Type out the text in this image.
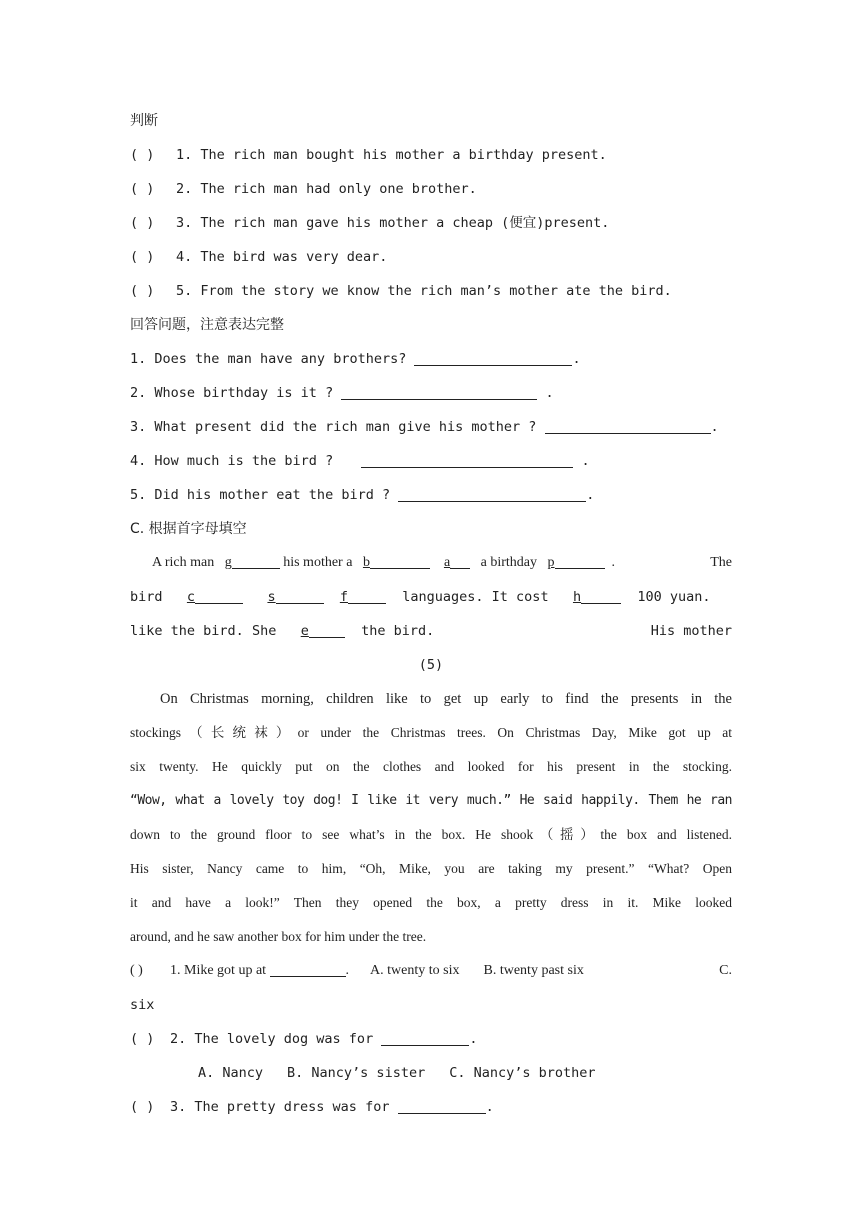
判断
( ) 1. The rich man bought his mother a birthday present.
( ) 2. The rich man had only one brother.
( ) 3. The rich man gave his mother a cheap (便宜)present.
( ) 4. The bird was very dear.
( ) 5. From the story we know the rich man’s mother ate the bird.
回答问题，注意表达完整
1. Does the man have any brothers?	.
2. Whose birthday is it ?	.
3. What present did the rich man give his mother ?	.
4. How much is the bird ?	.
5. Did his mother eat the bird ?	.
C. 根据首字母填空
A rich man g	his mother a b	a a birthday p	.	The
bird c	s	f	languages. It cost h	100 yuan.
His mother
like the bird. She e	the bird.
(5)
On Christmas morning, children like to get up early to find the presents in the
stockings（长统袜）or under the Christmas trees. On Christmas Day, Mike got up at
six twenty. He quickly put on the clothes and looked for his present in the stocking.
“Wow, what a lovely toy dog! I like it very much.” He said happily. Them he ran
down to the ground floor to see what’s in the box. He shook（摇）the box and listened.
His sister, Nancy came to him, “Oh, Mike, you are taking my present.” “What? Open
it and have a look!” Then they opened the box, a pretty dress in it. Mike looked
around, and he saw another box for him under the tree.
( ) 1. Mike got up at	. A. twenty to six B. twenty past six	C.
six
( ) 2. The lovely dog was for	.
A. Nancy B. Nancy’s sister C. Nancy’s brother
( ) 3. The pretty dress was for	.
